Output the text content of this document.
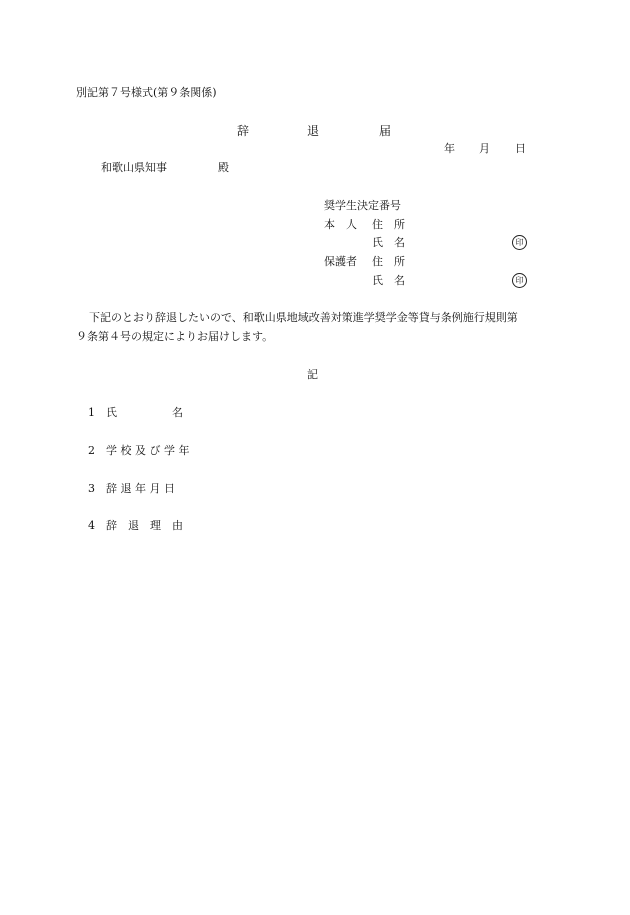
別記第７号様式(第９条関係)
辞	退	届
年 月 日
和歌山県知事	殿
奨学生決定番号
本　人 住　所
氏　名	印
保護者 住　所
氏　名	印
下記のとおり辞退したいので、和歌山県地域改善対策進学奨学金等貸与条例施行規則第
９条第４号の規定によりお届けします。
記
1 氏　　　　　名
2 学 校 及 び 学 年
3 辞 退 年 月 日
4 辞　退　理　由
